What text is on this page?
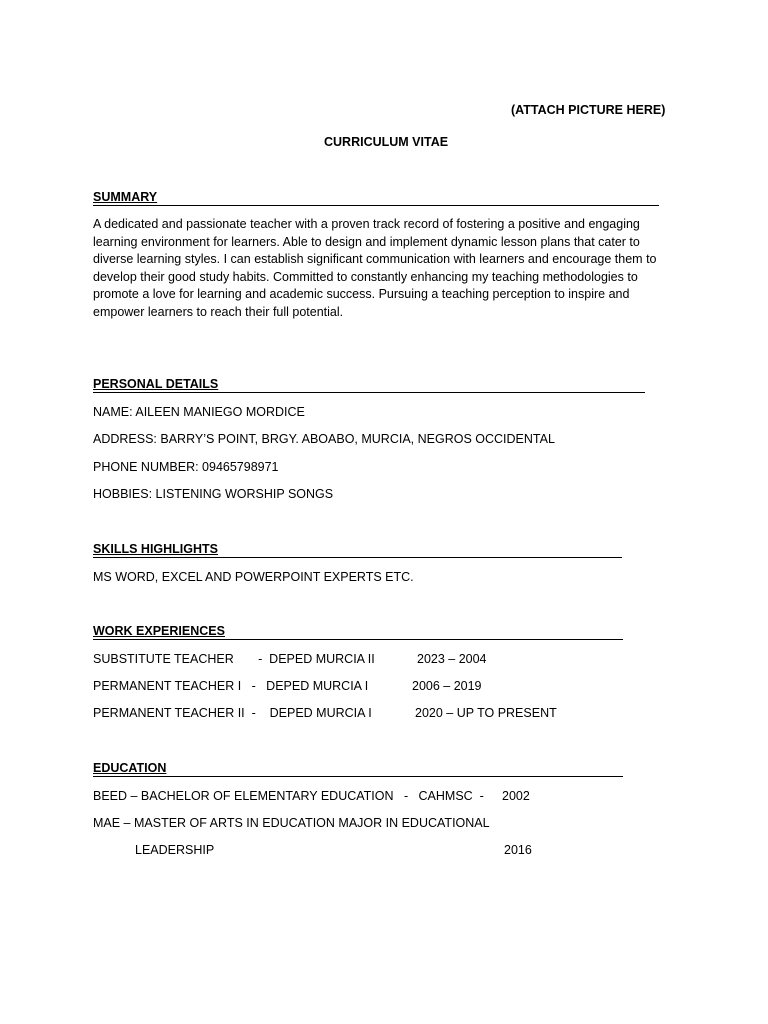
(ATTACH PICTURE HERE)
CURRICULUM VITAE
SUMMARY
A dedicated and passionate teacher with a proven track record of fostering a positive and engaging learning environment for learners. Able to design and implement dynamic lesson plans that cater to diverse learning styles. I can establish significant communication with learners and encourage them to develop their good study habits. Committed to constantly enhancing my teaching methodologies to promote a love for learning and academic success. Pursuing a teaching perception to inspire and empower learners to reach their full potential.
PERSONAL DETAILS
NAME: AILEEN MANIEGO MORDICE
ADDRESS: BARRY’S POINT, BRGY. ABOABO, MURCIA, NEGROS OCCIDENTAL
PHONE NUMBER: 09465798971
HOBBIES: LISTENING WORSHIP SONGS
SKILLS HIGHLIGHTS
MS WORD, EXCEL AND POWERPOINT EXPERTS ETC.
WORK EXPERIENCES
SUBSTITUTE TEACHER       -  DEPED MURCIA II	2023 – 2004
PERMANENT TEACHER I   -   DEPED MURCIA I	2006 – 2019
PERMANENT TEACHER II  -    DEPED MURCIA I	2020 – UP TO PRESENT
EDUCATION
BEED – BACHELOR OF ELEMENTARY EDUCATION   -   CAHMSC  - 2002
MAE – MASTER OF ARTS IN EDUCATION MAJOR IN EDUCATIONAL
LEADERSHIP	2016
